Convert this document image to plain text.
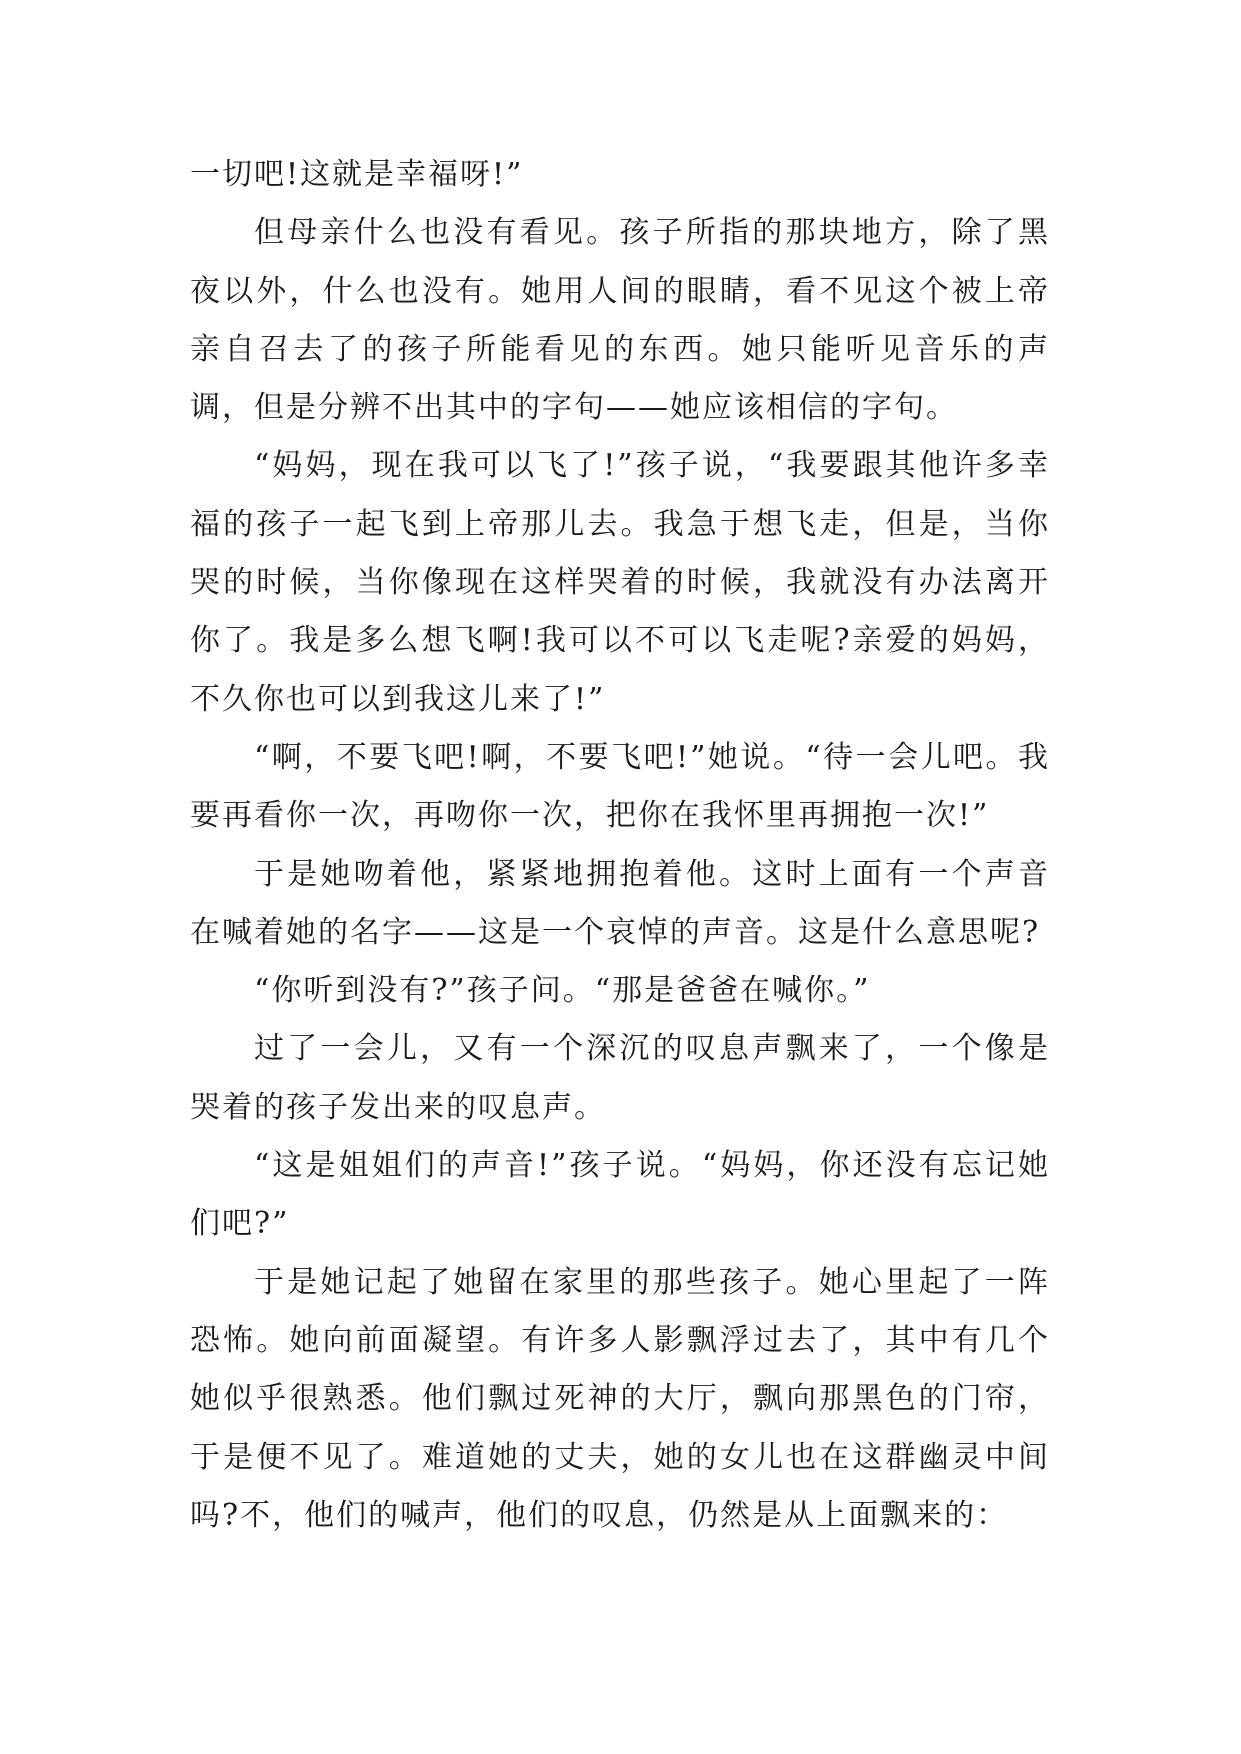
一切吧!这就是幸福呀!”

但母亲什么也没有看见。孩子所指的那块地方，除了黑夜以外，什么也没有。她用人间的眼睛，看不见这个被上帝亲自召去了的孩子所能看见的东西。她只能听见音乐的声调，但是分辨不出其中的字句——她应该相信的字句。

“妈妈，现在我可以飞了!”孩子说，“我要跟其他许多幸福的孩子一起飞到上帝那儿去。我急于想飞走，但是，当你哭的时候，当你像现在这样哭着的时候，我就没有办法离开你了。我是多么想飞啊!我可以不可以飞走呢?亲爱的妈妈，不久你也可以到我这儿来了!”

“啊，不要飞吧!啊，不要飞吧!”她说。“待一会儿吧。我要再看你一次，再吻你一次，把你在我怀里再拥抱一次!”

于是她吻着他，紧紧地拥抱着他。这时上面有一个声音在喊着她的名字——这是一个哀悼的声音。这是什么意思呢?

“你听到没有?”孩子问。“那是爸爸在喊你。”

过了一会儿，又有一个深沉的叹息声飘来了，一个像是哭着的孩子发出来的叹息声。

“这是姐姐们的声音!”孩子说。“妈妈，你还没有忘记她们吧?”

于是她记起了她留在家里的那些孩子。她心里起了一阵恐怖。她向前面凝望。有许多人影飘浮过去了，其中有几个她似乎很熟悉。他们飘过死神的大厅，飘向那黑色的门帘，于是便不见了。难道她的丈夫，她的女儿也在这群幽灵中间吗?不，他们的喊声，他们的叹息，仍然是从上面飘来的：
